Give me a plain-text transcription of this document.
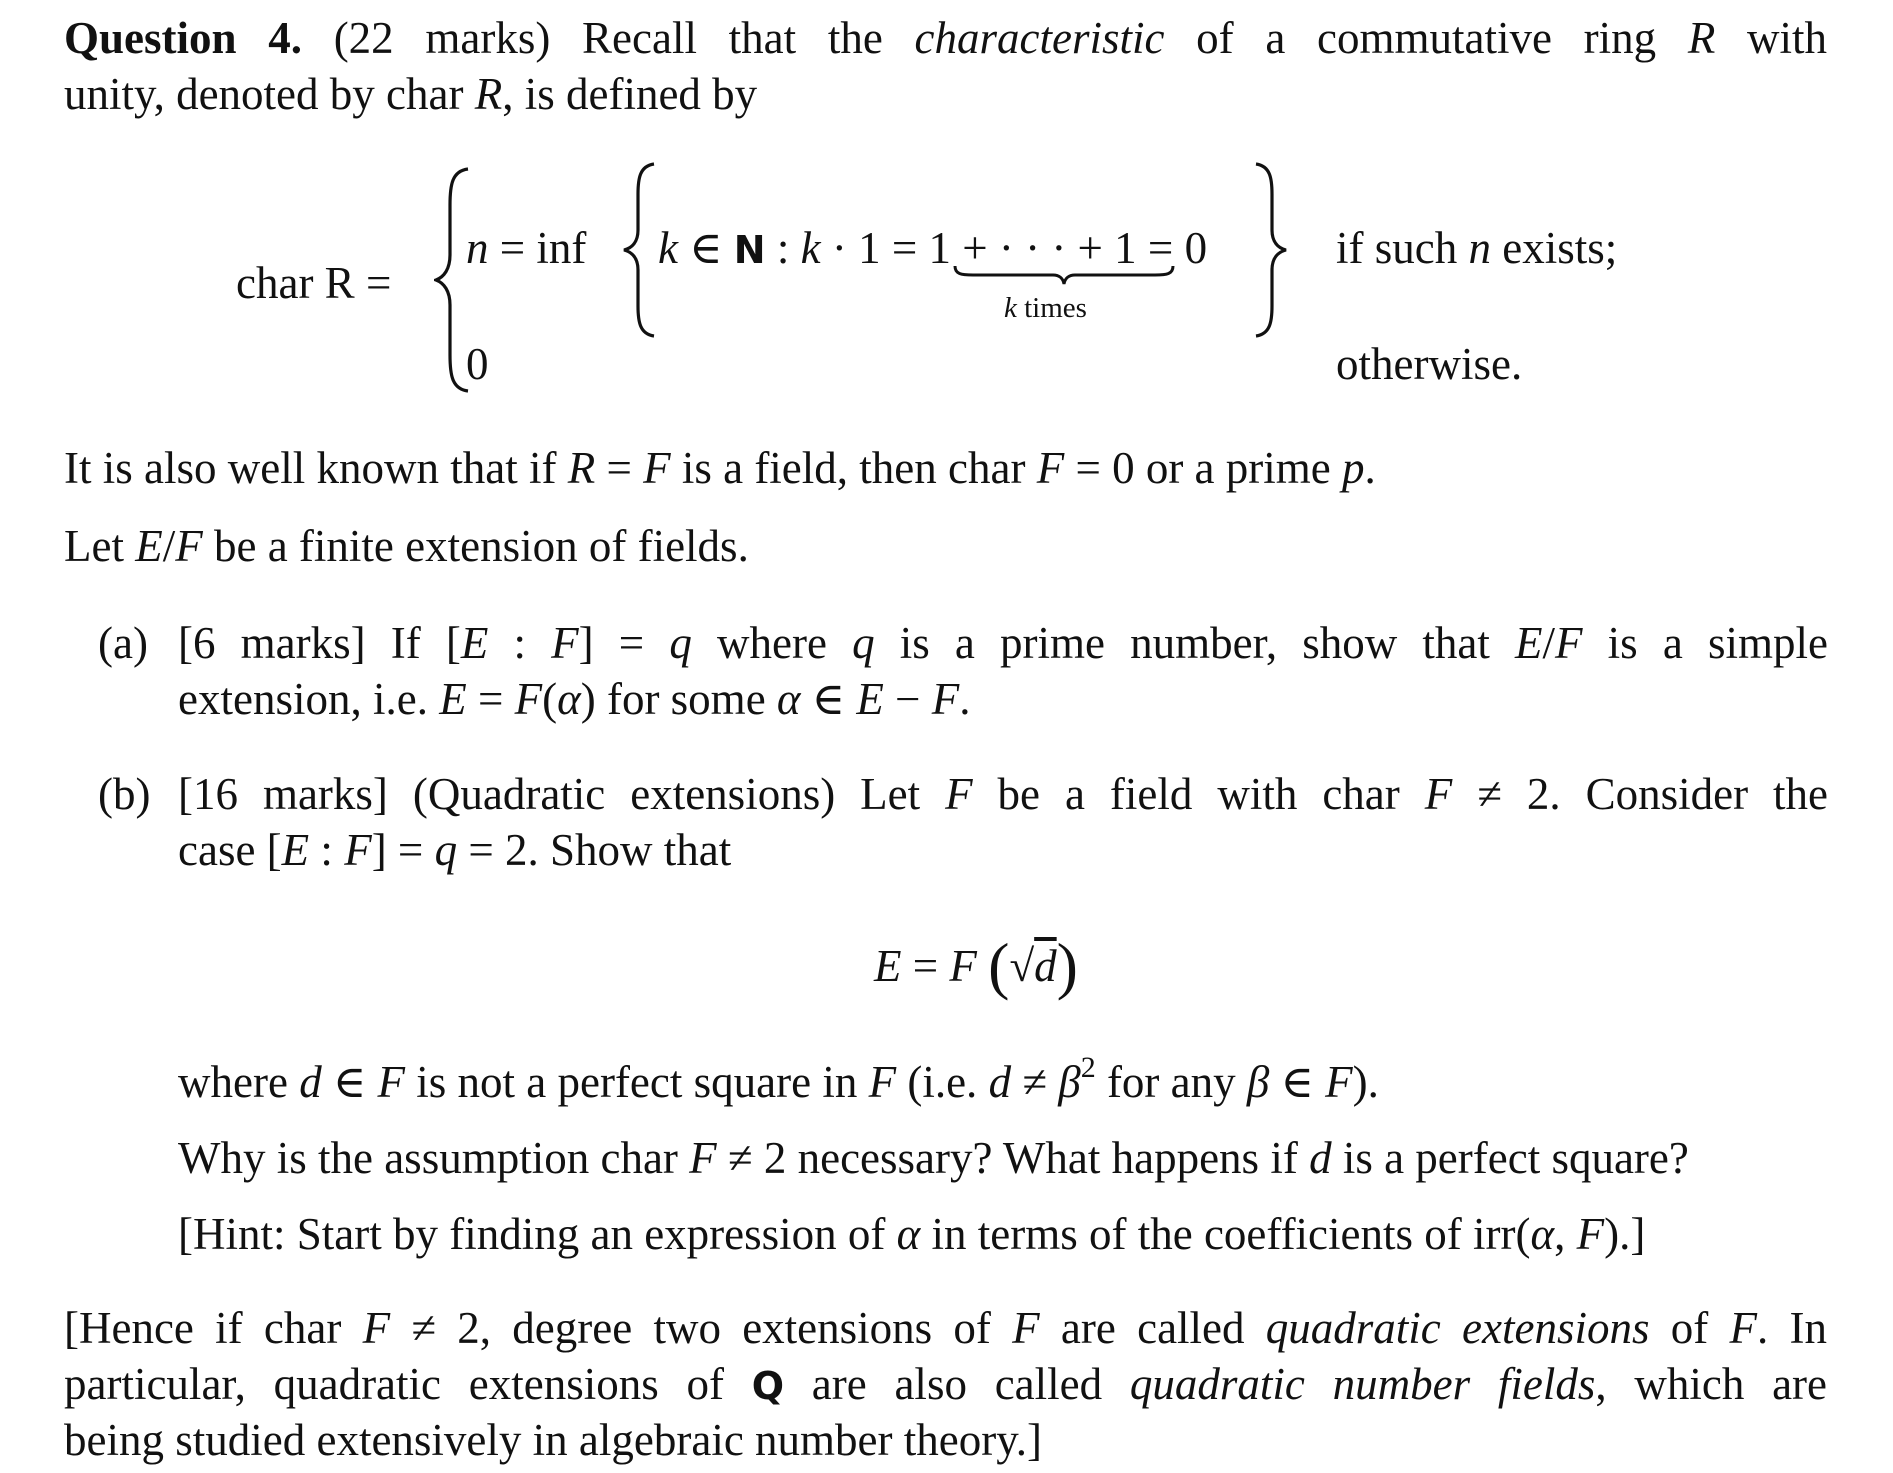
Question 4. (22 marks) Recall that the characteristic of a commutative ring R with
unity, denoted by char R, is defined by
char R =
n = inf k ∈ N : k · 1 = 1 + · · · + 1 = 0
k times
if such n exists;
0	otherwise.
It is also well known that if R = F is a field, then char F = 0 or a prime p.
Let E/F be a finite extension of fields.
(a) [6 marks] If [E : F] = q where q is a prime number, show that E/F is a simple
extension, i.e. E = F(α) for some α ∈ E − F.
(b) [16 marks] (Quadratic extensions) Let F be a field with char F ≠ 2. Consider the
case [E : F] = q = 2. Show that
E = F (√d)
where d ∈ F is not a perfect square in F (i.e. $d \ne \beta^2$ for any β ∈ F).
Why is the assumption char F ≠ 2 necessary? What happens if d is a perfect square?
[Hint: Start by finding an expression of α in terms of the coefficients of irr(α, F).]
[Hence if char F ≠ 2, degree two extensions of F are called quadratic extensions of F. In
particular, quadratic extensions of Q are also called quadratic number fields, which are
being studied extensively in algebraic number theory.]
